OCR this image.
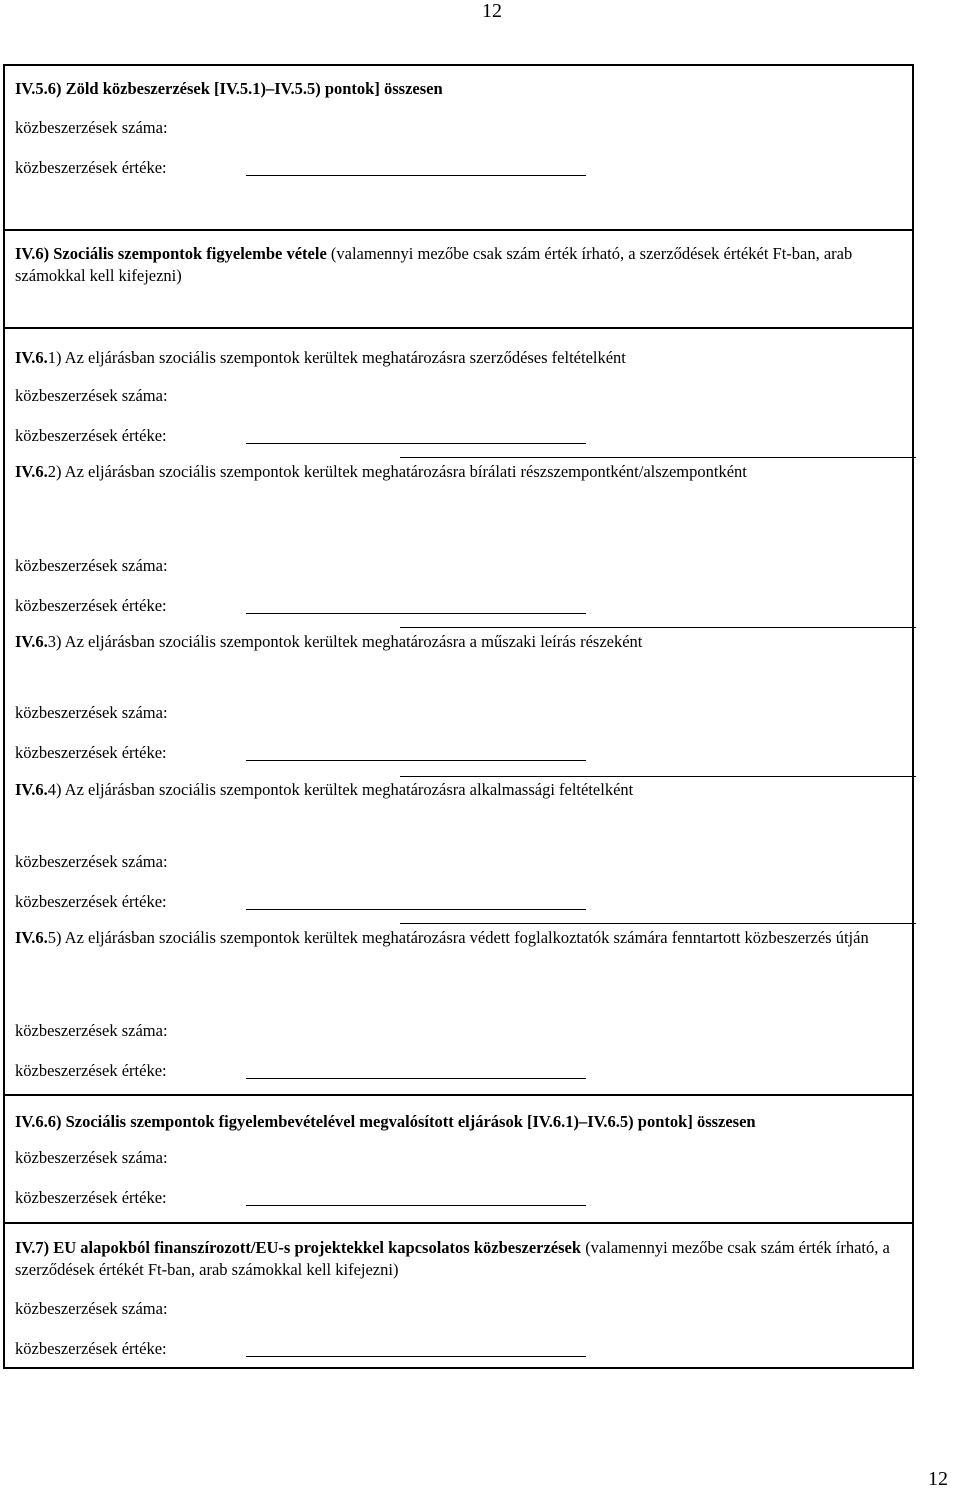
12
IV.5.6) Zöld közbeszerzések [IV.5.1)–IV.5.5) pontok] összesen
közbeszerzések száma:
közbeszerzések értéke:
IV.6) Szociális szempontok figyelembe vétele (valamennyi mezőbe csak szám érték írható, a szerződések értékét Ft-ban, arab számokkal kell kifejezni)
IV.6.1) Az eljárásban szociális szempontok kerültek meghatározásra szerződéses feltételként
közbeszerzések száma:
közbeszerzések értéke:
IV.6.2) Az eljárásban szociális szempontok kerültek meghatározásra bírálati részszempontként/alszempontként
közbeszerzések száma:
közbeszerzések értéke:
IV.6.3) Az eljárásban szociális szempontok kerültek meghatározásra a műszaki leírás részeként
közbeszerzések száma:
közbeszerzések értéke:
IV.6.4) Az eljárásban szociális szempontok kerültek meghatározásra alkalmassági feltételként
közbeszerzések száma:
közbeszerzések értéke:
IV.6.5) Az eljárásban szociális szempontok kerültek meghatározásra védett foglalkoztatók számára fenntartott közbeszerzés útján
közbeszerzések száma:
közbeszerzések értéke:
IV.6.6) Szociális szempontok figyelembevételével megvalósított eljárások [IV.6.1)–IV.6.5) pontok] összesen
közbeszerzések száma:
közbeszerzések értéke:
IV.7) EU alapokból finanszírozott/EU-s projektekkel kapcsolatos közbeszerzések (valamennyi mezőbe csak szám érték írható, a szerződések értékét Ft-ban, arab számokkal kell kifejezni)
közbeszerzések száma:
közbeszerzések értéke:
12
